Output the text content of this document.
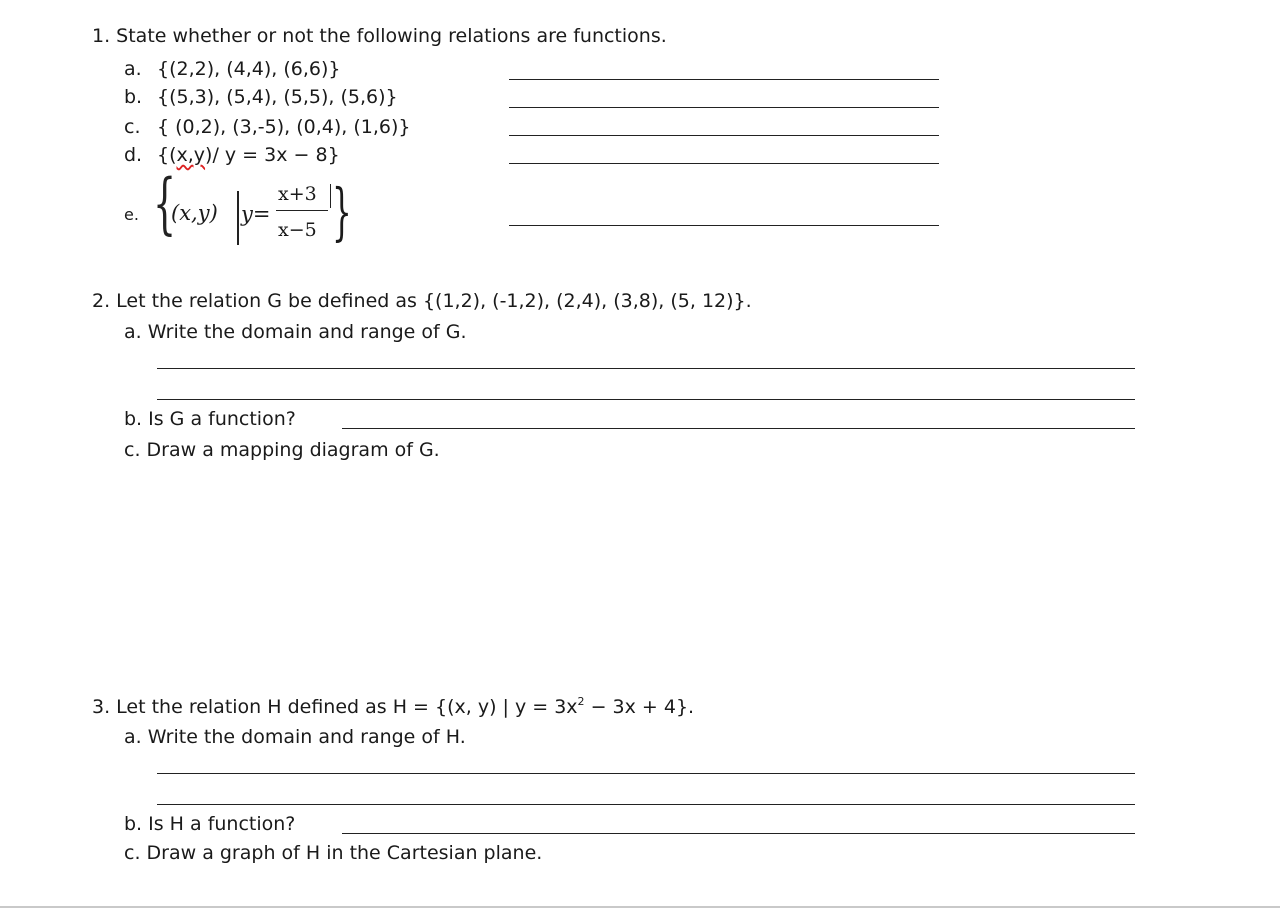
1. State whether or not the following relations are functions.
a. {(2,2), (4,4), (6,6)}
b. {(5,3), (5,4), (5,5), (5,6)}
c. { (0,2), (3,-5), (0,4), (1,6)}
d. {(x,y)/ y = 3x − 8}
e. {
(x,y) y=
x+3
x−5 }
2. Let the relation G be defined as {(1,2), (-1,2), (2,4), (3,8), (5, 12)}.
a. Write the domain and range of G.
b. Is G a function?
c. Draw a mapping diagram of G.
3. Let the relation H defined as H = {(x, y) | $y = 3x^2 - 3x + 4$}.
a. Write the domain and range of H.
b. Is H a function?
c. Draw a graph of H in the Cartesian plane.
